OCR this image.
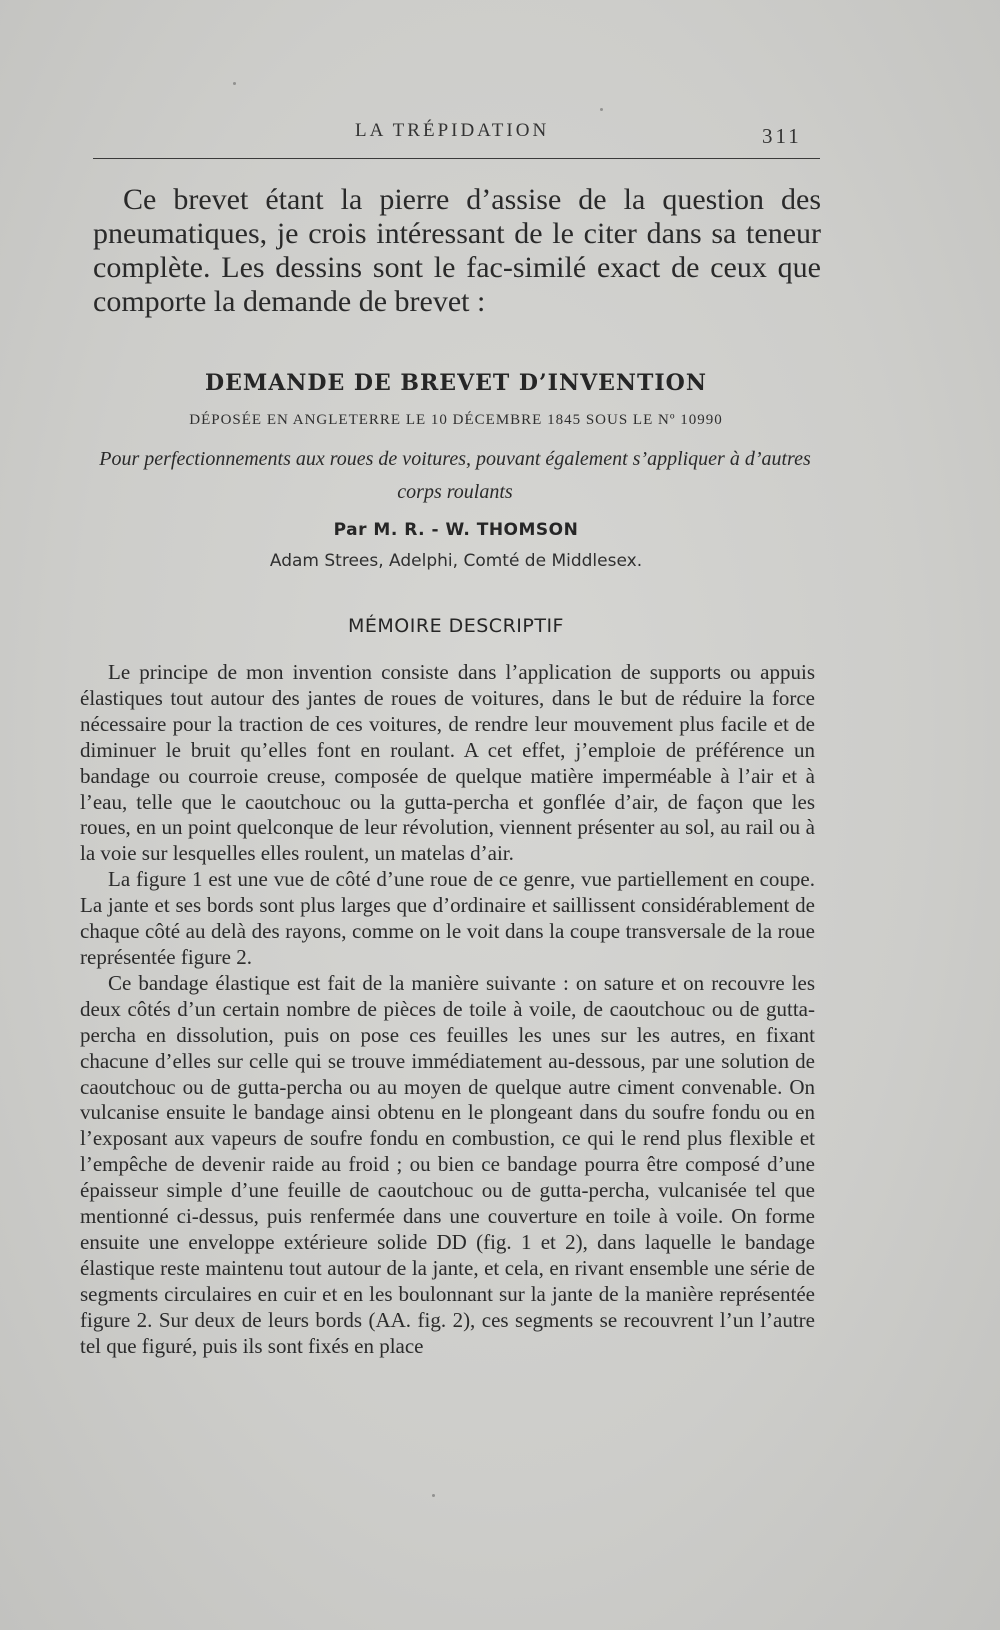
LA TRÉPIDATION	311

Ce brevet étant la pierre d’assise de la question des pneumatiques, je crois intéressant de le citer dans sa teneur complète. Les dessins sont le fac-similé exact de ceux que comporte la demande de brevet :

DEMANDE DE BREVET D’INVENTION
DÉPOSÉE EN ANGLETERRE LE 10 DÉCEMBRE 1845 SOUS LE Nº 10990
Pour perfectionnements aux roues de voitures, pouvant également s’appliquer à d’autres corps roulants
Par M. R. - W. THOMSON
Adam Strees, Adelphi, Comté de Middlesex.
MÉMOIRE DESCRIPTIF

Le principe de mon invention consiste dans l’application de supports ou appuis élastiques tout autour des jantes de roues de voitures, dans le but de réduire la force nécessaire pour la traction de ces voitures, de rendre leur mouvement plus facile et de diminuer le bruit qu’elles font en roulant. A cet effet, j’emploie de préférence un bandage ou courroie creuse, composée de quelque matière imperméable à l’air et à l’eau, telle que le caoutchouc ou la gutta-percha et gonflée d’air, de façon que les roues, en un point quelconque de leur révolution, viennent présenter au sol, au rail ou à la voie sur lesquelles elles roulent, un matelas d’air.

La figure 1 est une vue de côté d’une roue de ce genre, vue partiellement en coupe. La jante et ses bords sont plus larges que d’ordinaire et saillissent considérablement de chaque côté au delà des rayons, comme on le voit dans la coupe transversale de la roue représentée figure 2.

Ce bandage élastique est fait de la manière suivante : on sature et on recouvre les deux côtés d’un certain nombre de pièces de toile à voile, de caoutchouc ou de gutta-percha en dissolution, puis on pose ces feuilles les unes sur les autres, en fixant chacune d’elles sur celle qui se trouve immédiatement au-dessous, par une solution de caoutchouc ou de gutta-percha ou au moyen de quelque autre ciment convenable. On vulcanise ensuite le bandage ainsi obtenu en le plongeant dans du soufre fondu ou en l’exposant aux vapeurs de soufre fondu en combustion, ce qui le rend plus flexible et l’empêche de devenir raide au froid ; ou bien ce bandage pourra être composé d’une épaisseur simple d’une feuille de caoutchouc ou de gutta-percha, vulcanisée tel que mentionné ci-dessus, puis renfermée dans une couverture en toile à voile. On forme ensuite une enveloppe extérieure solide DD (fig. 1 et 2), dans laquelle le bandage élastique reste maintenu tout autour de la jante, et cela, en rivant ensemble une série de segments circulaires en cuir et en les boulonnant sur la jante de la manière représentée figure 2. Sur deux de leurs bords (AA. fig. 2), ces segments se recouvrent l’un l’autre tel que figuré, puis ils sont fixés en place
